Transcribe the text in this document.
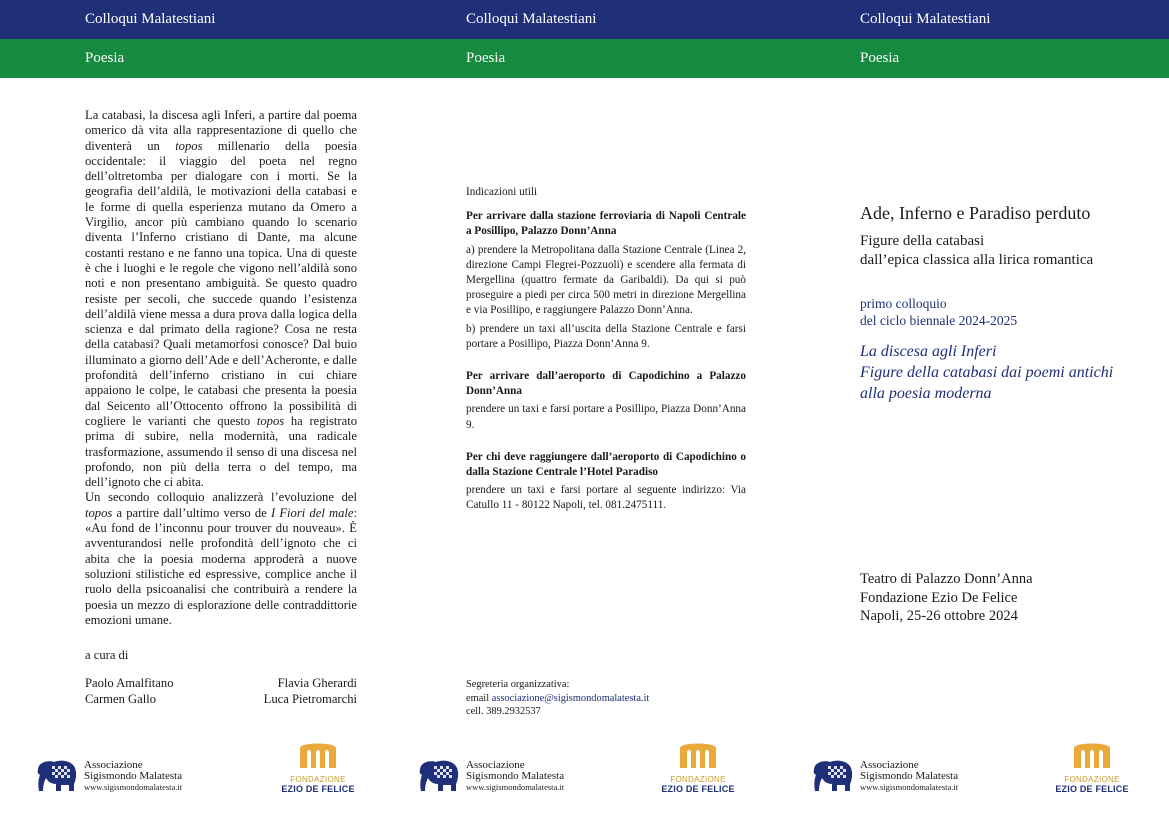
Colloqui Malatestiani	Colloqui Malatestiani	Colloqui Malatestiani
Poesia	Poesia	Poesia

La catabasi, la discesa agli Inferi, a partire dal poema omerico dà vita alla rappresentazione di quello che diventerà un topos millenario della poesia occidentale: il viaggio del poeta nel regno dell’oltretomba per dialogare con i morti. Se la geografia dell’aldilà, le motivazioni della catabasi e le forme di quella esperienza mutano da Omero a Virgilio, ancor più cambiano quando lo scenario diventa l’Inferno cristiano di Dante, ma alcune costanti restano e ne fanno una topica. Una di queste è che i luoghi e le regole che vigono nell’aldilà sono noti e non presentano ambiguità. Se questo quadro resiste per secoli, che succede quando l’esistenza dell’aldilà viene messa a dura prova dalla logica della scienza e dal primato della ragione? Cosa ne resta della catabasi? Quali metamorfosi conosce? Dal buio illuminato a giorno dell’Ade e dell’Acheronte, e dalle profondità dell’inferno cristiano in cui chiare appaiono le colpe, le catabasi che presenta la poesia dal Seicento all’Ottocento offrono la possibilità di cogliere le varianti che questo topos ha registrato prima di subire, nella modernità, una radicale trasformazione, assumendo il senso di una discesa nel profondo, non più della terra o del tempo, ma dell’ignoto che ci abita.

Un secondo colloquio analizzerà l’evoluzione del topos a partire dall’ultimo verso de I Fiori del male: «Au fond de l’inconnu pour trouver du nouveau». È avventurandosi nelle profondità dell’ignoto che ci abita che la poesia moderna approderà a nuove soluzioni stilistiche ed espressive, complice anche il ruolo della psicoanalisi che contribuirà a rendere la poesia un mezzo di esplorazione delle contraddittorie emozioni umane.

a cura di
Paolo Amalfitano	Flavia Gherardi
Carmen Gallo	Luca Pietromarchi
Indicazioni utili
Per arrivare dalla stazione ferroviaria di Napoli Centrale a Posillipo, Palazzo Donn’Anna
a) prendere la Metropolitana dalla Stazione Centrale (Linea 2, direzione Campi Flegrei-Pozzuoli) e scendere alla fermata di Mergellina (quattro fermate da Garibaldi). Da qui si può proseguire a piedi per circa 500 metri in direzione Mergellina e via Posillipo, e raggiungere Palazzo Donn’Anna.
b) prendere un taxi all’uscita della Stazione Centrale e farsi portare a Posillipo, Piazza Donn’Anna 9.
Per arrivare dall’aeroporto di Capodichino a Palazzo Donn’Anna
prendere un taxi e farsi portare a Posillipo, Piazza Donn’Anna 9.
Per chi deve raggiungere dall’aeroporto di Capodichino o dalla Stazione Centrale l’Hotel Paradiso
prendere un taxi e farsi portare al seguente indirizzo: Via Catullo 11 - 80122 Napoli, tel. 081.2475111.
Segreteria organizzativa:
email associazione@sigismondomalatesta.it
cell. 389.2932537
Ade, Inferno e Paradiso perduto
Figure della catabasi
dall’epica classica alla lirica romantica
primo colloquio
del ciclo biennale 2024-2025
La discesa agli Inferi
Figure della catabasi dai poemi antichi
alla poesia moderna
Teatro di Palazzo Donn’Anna
Fondazione Ezio De Felice
Napoli, 25-26 ottobre 2024
Associazione
Sigismondo Malatesta
www.sigismondomalatesta.it
Associazione
Sigismondo Malatesta
www.sigismondomalatesta.it
Associazione
Sigismondo Malatesta
www.sigismondomalatesta.it
FONDAZIONE
EZIO DE FELICE
FONDAZIONE
EZIO DE FELICE
FONDAZIONE
EZIO DE FELICE
